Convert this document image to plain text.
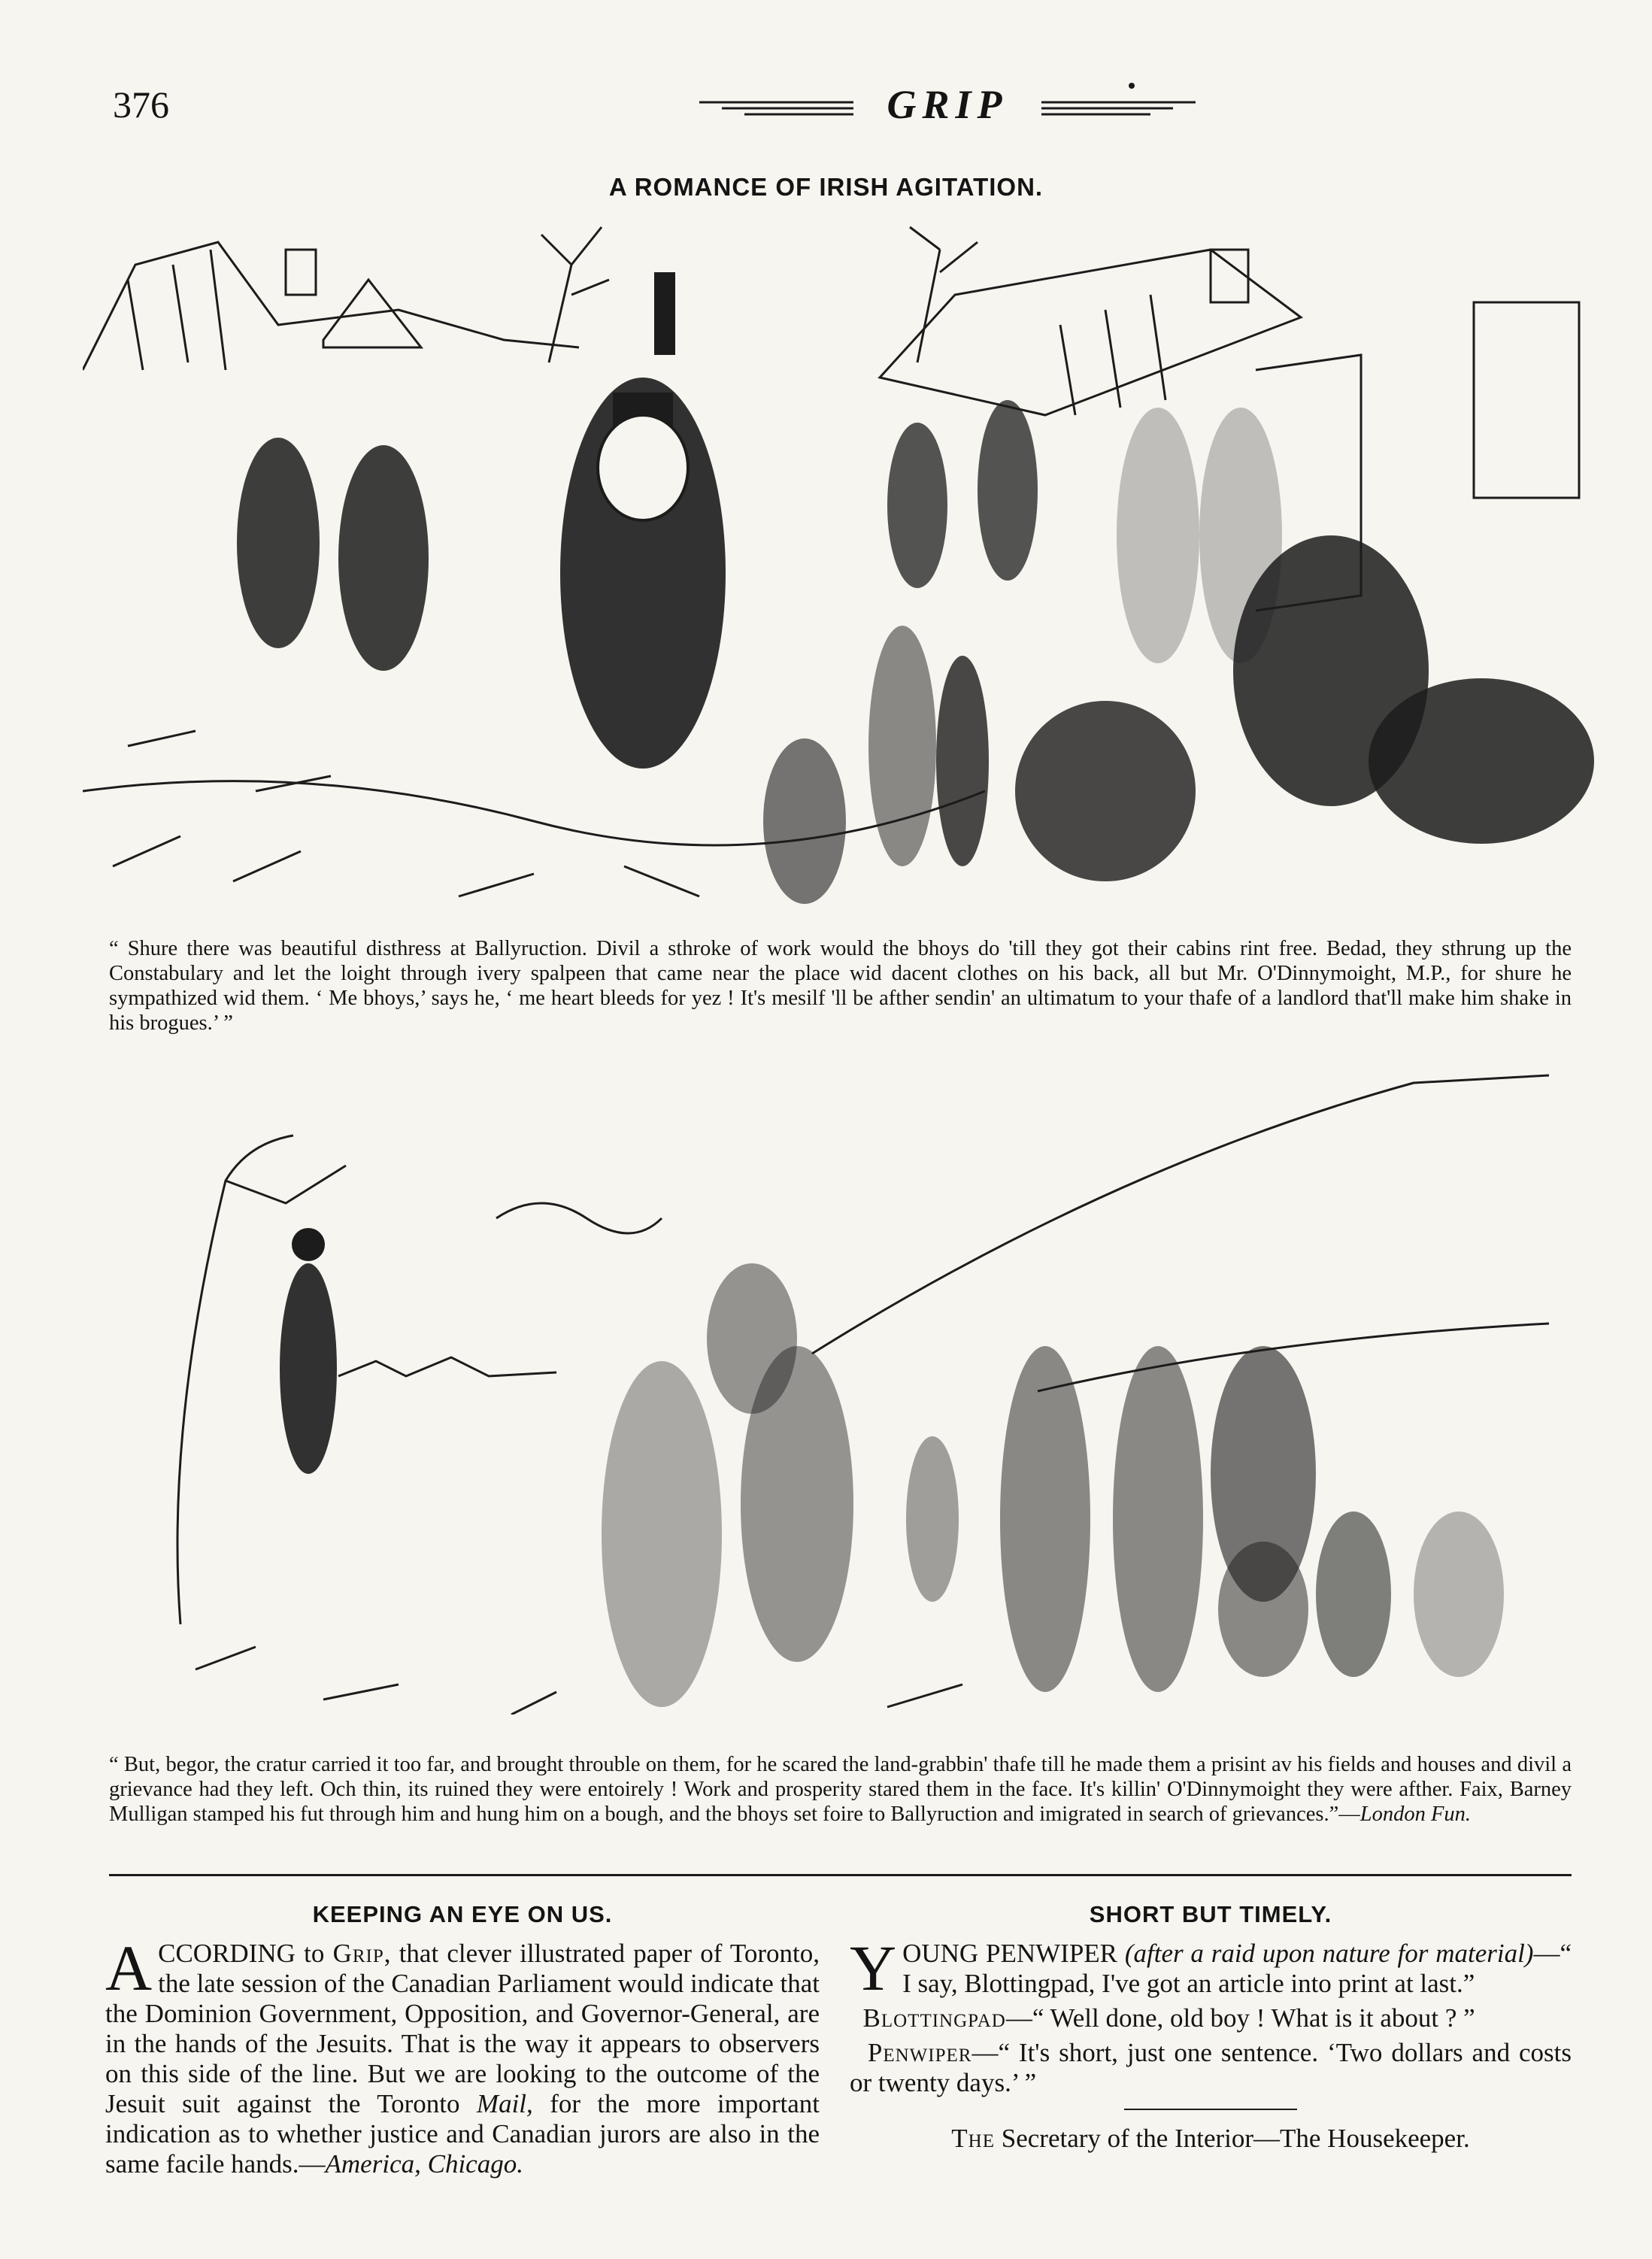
376	GRIP
A ROMANCE OF IRISH AGITATION.
“ Shure there was beautiful disthress at Ballyruction. Divil a sthroke of work would the bhoys do 'till they got their cabins rint free. Bedad, they sthrung up the Constabulary and let the loight through ivery spalpeen that came near the place wid dacent clothes on his back, all but Mr. O'Dinnymoight, M.P., for shure he sympathized wid them. ‘ Me bhoys,’ says he, ‘ me heart bleeds for yez ! It's mesilf 'll be afther sendin' an ultimatum to your thafe of a landlord that'll make him shake in his brogues.’ ”
“ But, begor, the cratur carried it too far, and brought throuble on them, for he scared the land-grabbin' thafe till he made them a prisint av his fields and houses and divil a grievance had they left. Och thin, its ruined they were entoirely ! Work and prosperity stared them in the face. It's killin' O'Dinnymoight they were afther. Faix, Barney Mulligan stamped his fut through him and hung him on a bough, and the bhoys set foire to Ballyruction and imigrated in search of grievances.”—London Fun.
KEEPING AN EYE ON US.

ACCORDING to Grip, that clever illustrated paper of Toronto, the late session of the Canadian Parliament would indicate that the Dominion Government, Opposition, and Governor-General, are in the hands of the Jesuits. That is the way it appears to observers on this side of the line. But we are looking to the outcome of the Jesuit suit against the Toronto Mail, for the more important indication as to whether justice and Canadian jurors are also in the same facile hands.—America, Chicago.

SHORT BUT TIMELY.

YOUNG PENWIPER (after a raid upon nature for material)—“ I say, Blottingpad, I've got an article into print at last.”

Blottingpad—“ Well done, old boy ! What is it about ? ”

Penwiper—“ It's short, just one sentence. ‘Two dollars and costs or twenty days.’ ”

The Secretary of the Interior—The Housekeeper.
